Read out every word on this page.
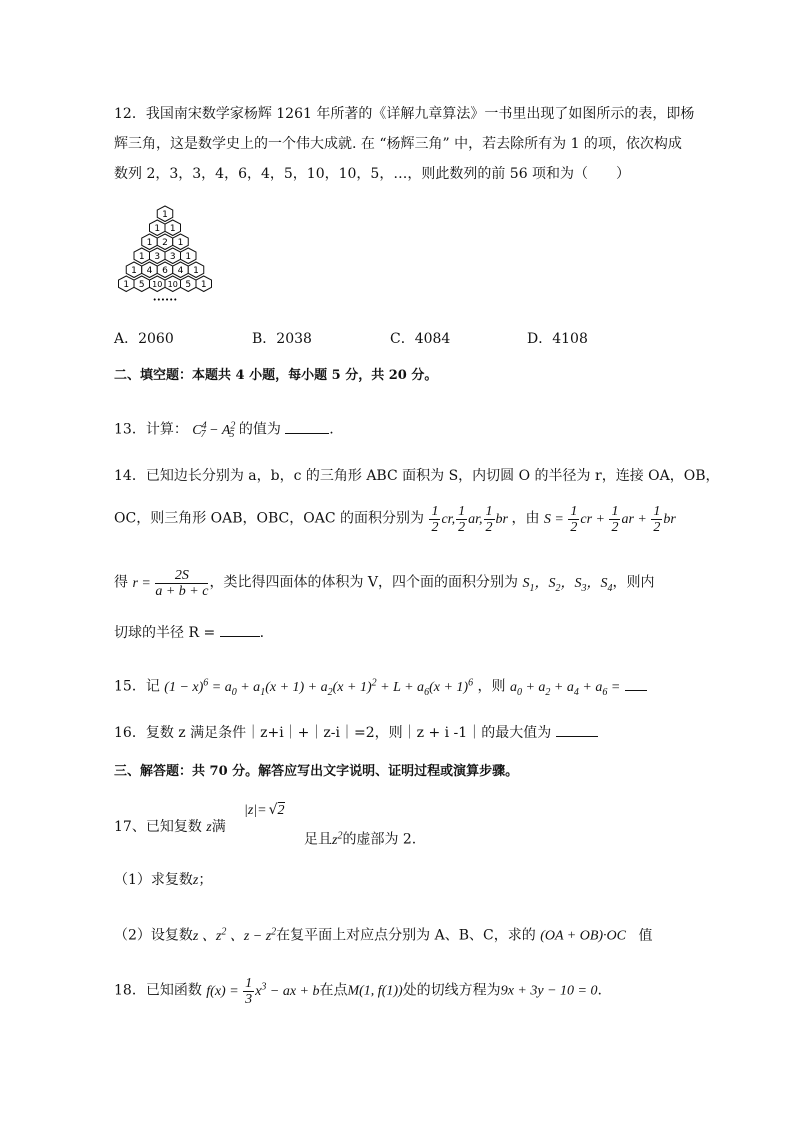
12．我国南宋数学家杨辉 1261 年所著的《详解九章算法》一书里出现了如图所示的表，即杨
辉三角，这是数学史上的一个伟大成就. 在 “杨辉三角” 中，若去除所有为 1 的项，依次构成
数列 2，3，3，4，6，4，5，10，10，5，…，则此数列的前 56 项和为（　　）
1
1 1
1 2 1
1 3 3 1
1 4 6 4 1
1 5 10 10 5 1
••••••
A．2060	B．2038	C．4084	D．4108
二、填空题：本题共 4 小题，每小题 5 分，共 20 分。
13．计算： $C^4_7 - A^2_5$ 的值为	.
14．已知边长分别为 a，b，c 的三角形 ABC 面积为 S，内切圆 O 的半径为 r，连接 OA，OB，
OC，则三角形 OAB，OBC，OAC 的面积分别为 $\frac{1}{2}$ cr, $\frac{1}{2}$ ar, $\frac{1}{2}$ br ，由 $S = \frac{1}{2}$ cr + $\frac{1}{2}$ ar + $\frac{1}{2}$ br
得 $r = \frac{2S}{a + b + c}$ ，类比得四面体的体积为 V，四个面的面积分别为 $S_1$，$S_2$，$S_3$，$S_4$，则内
切球的半径 R =	.
15．记 $(1 - x)^6 = a_0 + a_1(x + 1) + a_2(x + 1)^2 + L + a_6(x + 1)^6$ ，则 $a_0 + a_2 + a_4 + a_6$ =
16．复数 z 满足条件｜z+i｜+｜z-i｜=2，则｜z + i -1｜的最大值为
三、解答题：共 70 分。解答应写出文字说明、证明过程或演算步骤。
17、已知复数 z满
|z|= √2
足且$z^2$的虚部为 2.
（1）求复数z；
（2）设复数z 、$z^2$ 、$z - z^2$在复平面上对应点分别为 A、B、C，求的 (OA + OB)·OC 值
18．已知函数 $f(x) = \frac{1}{3} x^3$ − ax + b在点M(1, f(1))处的切线方程为9x + 3y − 10 = 0.
